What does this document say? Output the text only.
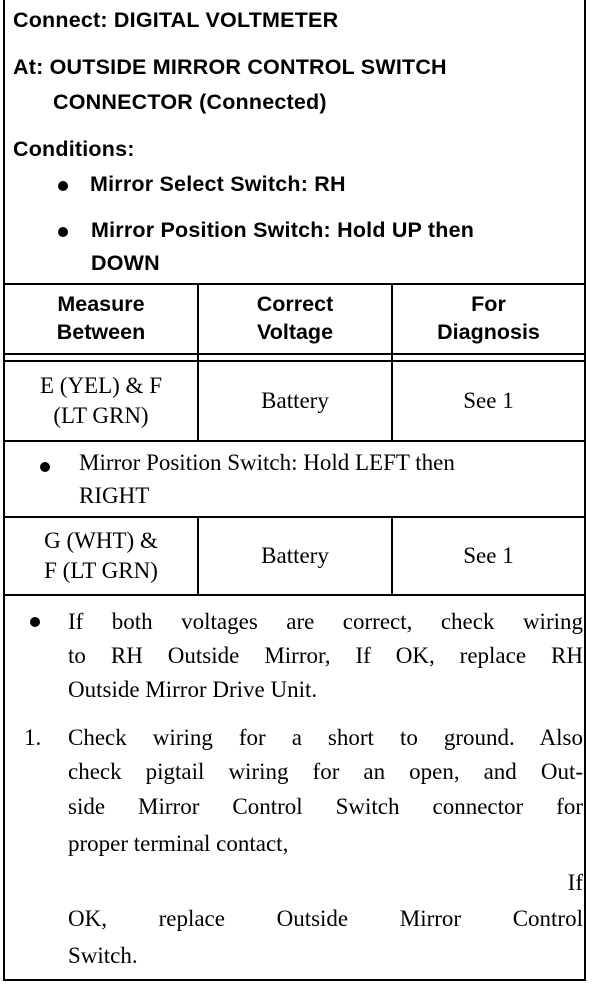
Connect: DIGITAL VOLTMETER
At: OUTSIDE MIRROR CONTROL SWITCH
CONNECTOR (Connected)
Conditions:
Mirror Select Switch: RH
Mirror Position Switch: Hold UP then
DOWN
Measure
Between
Correct
Voltage
For
Diagnosis
E (YEL) & F
(LT GRN)
Battery	See 1
Mirror Position Switch: Hold LEFT then
RIGHT
G (WHT) &
F (LT GRN)
Battery	See 1
If both voltages are correct, check wiring
to RH Outside Mirror, If OK, replace RH
Outside Mirror Drive Unit.
1. Check wiring for a short to ground. Also
check pigtail wiring for an open, and Out-
side Mirror Control Switch connector for
proper terminal contact,
If
OK, replace Outside Mirror Control
Switch.
